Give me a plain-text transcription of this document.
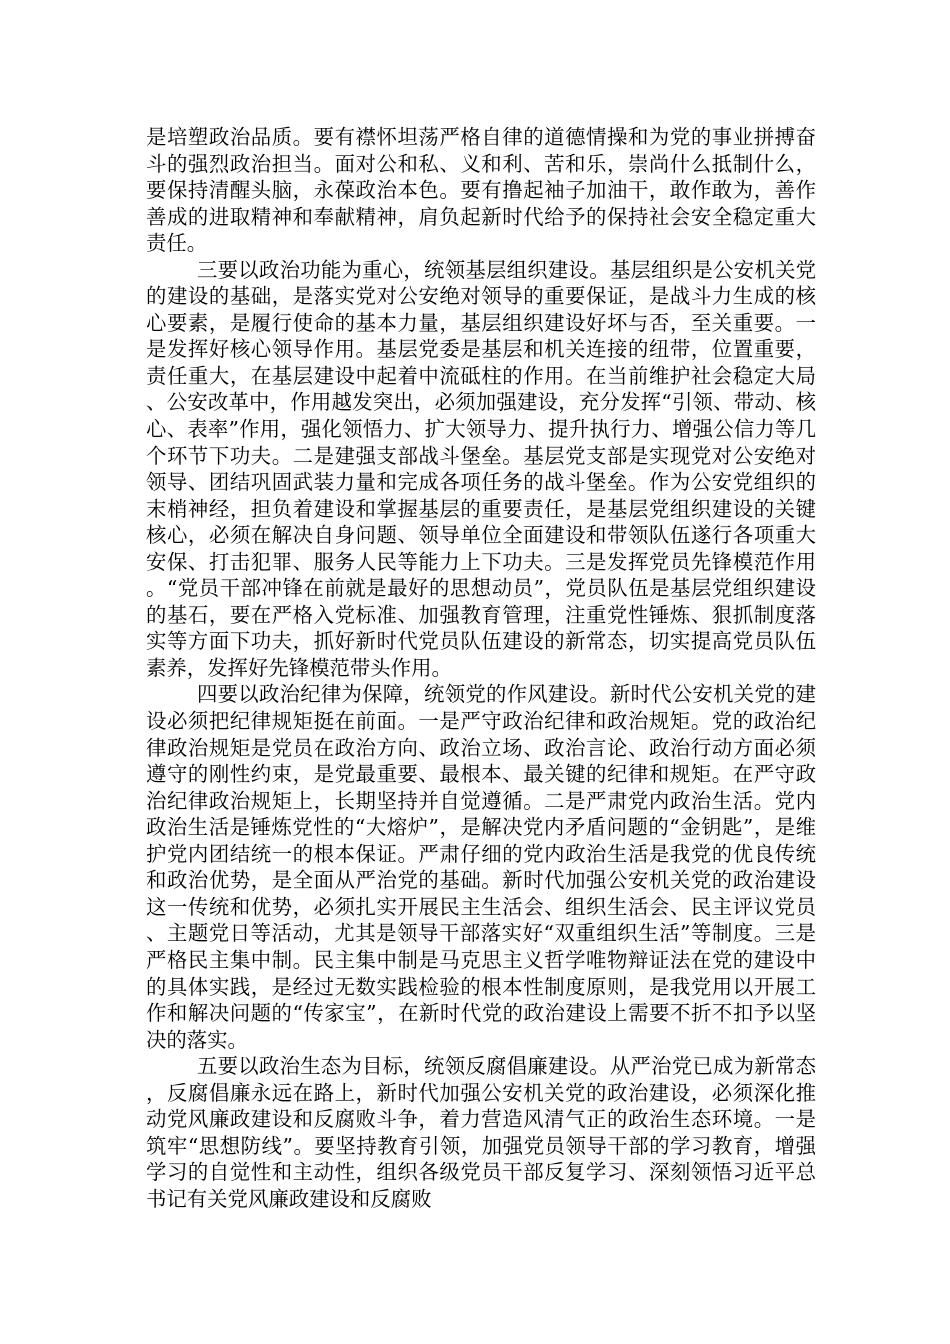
是培塑政治品质。要有襟怀坦荡严格自律的道德情操和为党的事业拼搏奋斗的强烈政治担当。面对公和私、义和利、苦和乐，崇尚什么抵制什么，要保持清醒头脑，永葆政治本色。要有撸起袖子加油干，敢作敢为，善作善成的进取精神和奉献精神，肩负起新时代给予的保持社会安全稳定重大责任。

三要以政治功能为重心，统领基层组织建设。基层组织是公安机关党的建设的基础，是落实党对公安绝对领导的重要保证，是战斗力生成的核心要素，是履行使命的基本力量，基层组织建设好坏与否，至关重要。一是发挥好核心领导作用。基层党委是基层和机关连接的纽带，位置重要，责任重大，在基层建设中起着中流砥柱的作用。在当前维护社会稳定大局、公安改革中，作用越发突出，必须加强建设，充分发挥“引领、带动、核心、表率”作用，强化领悟力、扩大领导力、提升执行力、增强公信力等几个环节下功夫。二是建强支部战斗堡垒。基层党支部是实现党对公安绝对领导、团结巩固武装力量和完成各项任务的战斗堡垒。作为公安党组织的末梢神经，担负着建设和掌握基层的重要责任，是基层党组织建设的关键核心，必须在解决自身问题、领导单位全面建设和带领队伍遂行各项重大安保、打击犯罪、服务人民等能力上下功夫。三是发挥党员先锋模范作用。“党员干部冲锋在前就是最好的思想动员”，党员队伍是基层党组织建设的基石，要在严格入党标准、加强教育管理，注重党性锤炼、狠抓制度落实等方面下功夫，抓好新时代党员队伍建设的新常态，切实提高党员队伍素养，发挥好先锋模范带头作用。

四要以政治纪律为保障，统领党的作风建设。新时代公安机关党的建设必须把纪律规矩挺在前面。一是严守政治纪律和政治规矩。党的政治纪律政治规矩是党员在政治方向、政治立场、政治言论、政治行动方面必须遵守的刚性约束，是党最重要、最根本、最关键的纪律和规矩。在严守政治纪律政治规矩上，长期坚持并自觉遵循。二是严肃党内政治生活。党内政治生活是锤炼党性的“大熔炉”，是解决党内矛盾问题的“金钥匙”，是维护党内团结统一的根本保证。严肃仔细的党内政治生活是我党的优良传统和政治优势，是全面从严治党的基础。新时代加强公安机关党的政治建设这一传统和优势，必须扎实开展民主生活会、组织生活会、民主评议党员、主题党日等活动，尤其是领导干部落实好“双重组织生活”等制度。三是严格民主集中制。民主集中制是马克思主义哲学唯物辩证法在党的建设中的具体实践，是经过无数实践检验的根本性制度原则，是我党用以开展工作和解决问题的“传家宝”，在新时代党的政治建设上需要不折不扣予以坚决的落实。

五要以政治生态为目标，统领反腐倡廉建设。从严治党已成为新常态，反腐倡廉永远在路上，新时代加强公安机关党的政治建设，必须深化推动党风廉政建设和反腐败斗争，着力营造风清气正的政治生态环境。一是筑牢“思想防线”。要坚持教育引领，加强党员领导干部的学习教育，增强学习的自觉性和主动性，组织各级党员干部反复学习、深刻领悟习近平总书记有关党风廉政建设和反腐败
